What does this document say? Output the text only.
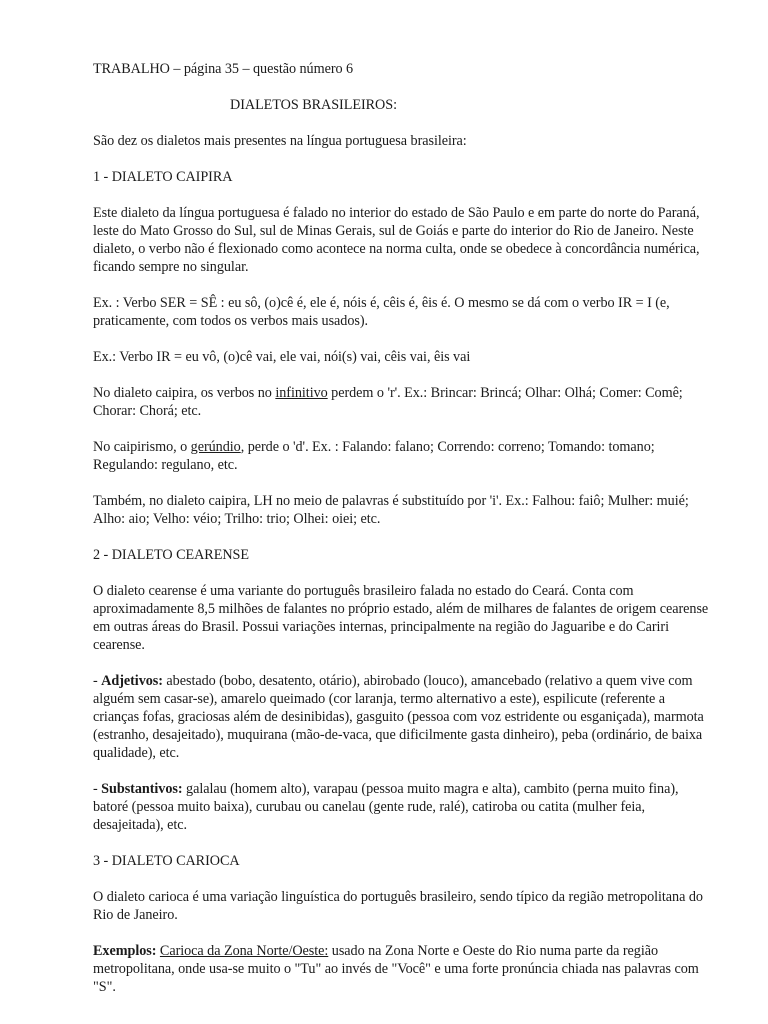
TRABALHO – página 35 – questão número 6
DIALETOS BRASILEIROS:

São dez os dialetos mais presentes na língua portuguesa brasileira:

1 - DIALETO CAIPIRA

Este dialeto da língua portuguesa é falado no interior do estado de São Paulo e em parte do norte do Paraná, leste do Mato Grosso do Sul, sul de Minas Gerais, sul de Goiás e parte do interior do Rio de Janeiro. Neste dialeto, o verbo não é flexionado como acontece na norma culta, onde se obedece à concordância numérica, ficando sempre no singular.

Ex. : Verbo SER = SÊ : eu sô, (o)cê é, ele é, nóis é, cêis é, êis é. O mesmo se dá com o verbo IR = I (e, praticamente, com todos os verbos mais usados).

Ex.: Verbo IR = eu vô, (o)cê vai, ele vai, nói(s) vai, cêis vai, êis vai

No dialeto caipira, os verbos no infinitivo perdem o 'r'. Ex.: Brincar: Brincá; Olhar: Olhá; Comer: Comê; Chorar: Chorá; etc.

No caipirismo, o gerúndio, perde o 'd'. Ex. : Falando: falano; Correndo: correno; Tomando: tomano; Regulando: regulano, etc.

Também, no dialeto caipira, LH no meio de palavras é substituído por 'i'. Ex.: Falhou: faiô; Mulher: muié; Alho: aio; Velho: véio; Trilho: trio; Olhei: oiei; etc.

2 - DIALETO CEARENSE

O dialeto cearense é uma variante do português brasileiro falada no estado do Ceará. Conta com aproximadamente 8,5 milhões de falantes no próprio estado, além de milhares de falantes de origem cearense em outras áreas do Brasil. Possui variações internas, principalmente na região do Jaguaribe e do Cariri cearense.

- Adjetivos: abestado (bobo, desatento, otário), abirobado (louco), amancebado (relativo a quem vive com alguém sem casar-se), amarelo queimado (cor laranja, termo alternativo a este), espilicute (referente a crianças fofas, graciosas além de desinibidas), gasguito (pessoa com voz estridente ou esganiçada), marmota (estranho, desajeitado), muquirana (mão-de-vaca, que dificilmente gasta dinheiro), peba (ordinário, de baixa qualidade), etc.

- Substantivos: galalau (homem alto), varapau (pessoa muito magra e alta), cambito (perna muito fina), batoré (pessoa muito baixa), curubau ou canelau (gente rude, ralé), catiroba ou catita (mulher feia, desajeitada), etc.

3 - DIALETO CARIOCA

O dialeto carioca é uma variação linguística do português brasileiro, sendo típico da região metropolitana do Rio de Janeiro.

Exemplos: Carioca da Zona Norte/Oeste: usado na Zona Norte e Oeste do Rio numa parte da região metropolitana, onde usa-se muito o "Tu" ao invés de "Você" e uma forte pronúncia chiada nas palavras com "S".
